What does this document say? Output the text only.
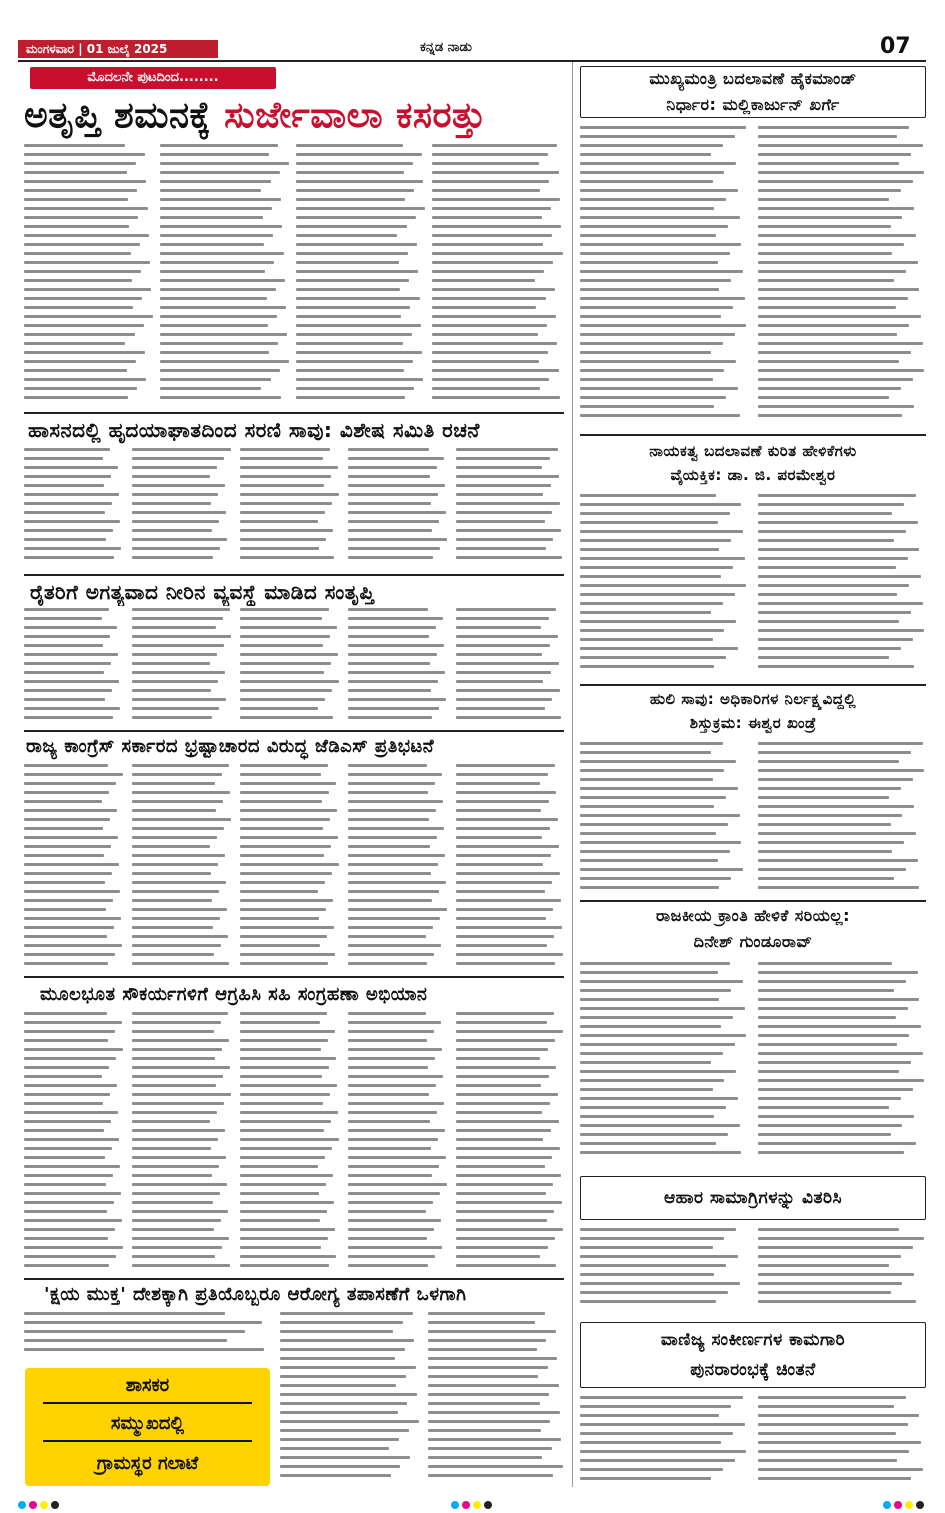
ಮಂಗಳವಾರ | 01 ಜುಲೈ 2025	ಕನ್ನಡ ನಾಡು	07
ಮೊದಲನೇ ಪುಟದಿಂದ........
ಅತೃಪ್ತಿ ಶಮನಕ್ಕೆ ಸುರ್ಜೇವಾಲಾ ಕಸರತ್ತು
ಹಾಸನದಲ್ಲಿ ಹೃದಯಾಘಾತದಿಂದ ಸರಣಿ ಸಾವು: ವಿಶೇಷ ಸಮಿತಿ ರಚನೆ
ರೈತರಿಗೆ ಅಗತ್ಯವಾದ ನೀರಿನ ವ್ಯವಸ್ಥೆ ಮಾಡಿದ ಸಂತೃಪ್ತಿ
ರಾಜ್ಯ ಕಾಂಗ್ರೆಸ್ ಸರ್ಕಾರದ ಭ್ರಷ್ಟಾಚಾರದ ವಿರುದ್ಧ ಜೆಡಿಎಸ್ ಪ್ರತಿಭಟನೆ
ಮೂಲಭೂತ ಸೌಕರ್ಯಗಳಿಗೆ ಆಗ್ರಹಿಸಿ ಸಹಿ ಸಂಗ್ರಹಣಾ ಅಭಿಯಾನ
'ಕ್ಷಯ ಮುಕ್ತ' ದೇಶಕ್ಕಾಗಿ ಪ್ರತಿಯೊಬ್ಬರೂ ಆರೋಗ್ಯ ತಪಾಸಣೆಗೆ ಒಳಗಾಗಿ
ಶಾಸಕರ
ಸಮ್ಮುಖದಲ್ಲಿ
ಗ್ರಾಮಸ್ಥರ ಗಲಾಟೆ
ಮುಖ್ಯಮಂತ್ರಿ ಬದಲಾವಣೆ ಹೈಕಮಾಂಡ್
ನಿರ್ಧಾರ: ಮಲ್ಲಿಕಾರ್ಜುನ್ ಖರ್ಗೆ
ನಾಯಕತ್ವ ಬದಲಾವಣೆ ಕುರಿತ ಹೇಳಿಕೆಗಳು
ವೈಯಕ್ತಿಕ: ಡಾ. ಜಿ. ಪರಮೇಶ್ವರ
ಹುಲಿ ಸಾವು: ಅಧಿಕಾರಿಗಳ ನಿರ್ಲಕ್ಷ್ಯವಿದ್ದಲ್ಲಿ
ಶಿಸ್ತುಕ್ರಮ: ಈಶ್ವರ ಖಂಡ್ರೆ
ರಾಜಕೀಯ ಕ್ರಾಂತಿ ಹೇಳಿಕೆ ಸರಿಯಲ್ಲ:
ದಿನೇಶ್ ಗುಂಡೂರಾವ್
ಆಹಾರ ಸಾಮಾಗ್ರಿಗಳನ್ನು ವಿತರಿಸಿ
ವಾಣಿಜ್ಯ ಸಂಕೀರ್ಣಗಳ ಕಾಮಗಾರಿ
ಪುನರಾರಂಭಕ್ಕೆ ಚಿಂತನೆ
